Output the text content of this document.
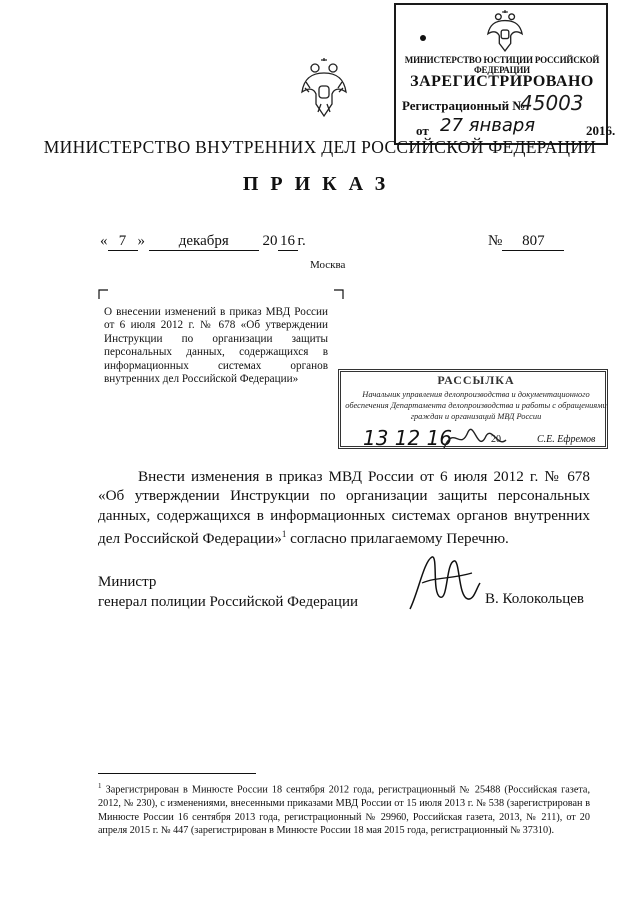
МИНИСТЕРСТВО ЮСТИЦИИ РОССИЙСКОЙ ФЕДЕРАЦИИ
ЗАРЕГИСТРИРОВАНО
Регистрационный №
45003
от 27 января	2016.
МИНИСТЕРСТВО ВНУТРЕННИХ ДЕЛ РОССИЙСКОЙ ФЕДЕРАЦИИ
ПРИКАЗ
« 7 » декабря 20 16 г.	№ 807
Москва
О внесении изменений в приказ МВД России от 6 июля 2012 г. № 678 «Об утверждении Инструкции по организации защиты персональных данных, содержащихся в информационных системах органов внутренних дел Российской Федерации»	РАССЫЛКА
Начальник управления делопроизводства и документационного обеспечения Департамента делопроизводства и работы с обращениями граждан и организаций МВД России
13 12 16	20	С.Е. Ефремов
Внести изменения в приказ МВД России от 6 июля 2012 г. № 678 «Об утверждении Инструкции по организации защиты персональных данных, содержащихся в информационных системах органов внутренних дел Российской Федерации»$^1$ согласно прилагаемому Перечню.
Министр
генерал полиции Российской Федерации	В. Колокольцев
$^1$ Зарегистрирован в Минюсте России 18 сентября 2012 года, регистрационный № 25488 (Российская газета, 2012, № 230), с изменениями, внесенными приказами МВД России от 15 июля 2013 г. № 538 (зарегистрирован в Минюсте России 16 сентября 2013 года, регистрационный № 29960, Российская газета, 2013, № 211), от 20 апреля 2015 г. № 447 (зарегистрирован в Минюсте России 18 мая 2015 года, регистрационный № 37310).
